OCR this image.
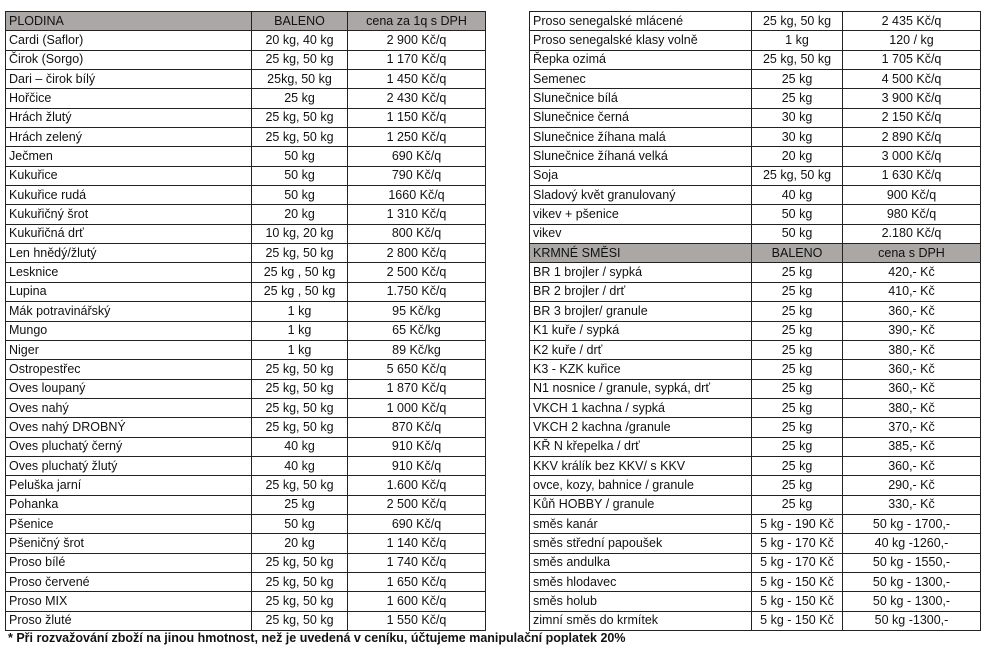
PLODINA	BALENO	cena za 1q s DPH
Cardi (Saflor)	20 kg, 40 kg	2 900 Kč/q
Čirok (Sorgo)	25 kg, 50 kg	1 170 Kč/q
Dari – čirok bílý	25kg, 50 kg	1 450 Kč/q
Hořčice	25 kg	2 430 Kč/q
Hrách žlutý	25 kg, 50 kg	1 150 Kč/q
Hrách zelený	25 kg, 50 kg	1 250 Kč/q
Ječmen	50 kg	690 Kč/q
Kukuřice	50 kg	790 Kč/q
Kukuřice rudá	50 kg	1660 Kč/q
Kukuřičný šrot	20 kg	1 310 Kč/q
Kukuřičná drť	10 kg, 20 kg	800 Kč/q
Len hnědý/žlutý	25 kg, 50 kg	2 800 Kč/q
Lesknice	25 kg , 50 kg	2 500 Kč/q
Lupina	25 kg , 50 kg	1.750 Kč/q
Mák potravinářský	1 kg	95 Kč/kg
Mungo	1 kg	65 Kč/kg
Niger	1 kg	89 Kč/kg
Ostropestřec	25 kg, 50 kg	5 650 Kč/q
Oves loupaný	25 kg, 50 kg	1 870 Kč/q
Oves nahý	25 kg, 50 kg	1 000 Kč/q
Oves nahý DROBNÝ	25 kg, 50 kg	870 Kč/q
Oves pluchatý černý	40 kg	910 Kč/q
Oves pluchatý žlutý	40 kg	910 Kč/q
Peluška jarní	25 kg, 50 kg	1.600 Kč/q
Pohanka	25 kg	2 500 Kč/q
Pšenice	50 kg	690 Kč/q
Pšeničný šrot	20 kg	1 140 Kč/q
Proso bílé	25 kg, 50 kg	1 740 Kč/q
Proso červené	25 kg, 50 kg	1 650 Kč/q
Proso MIX	25 kg, 50 kg	1 600 Kč/q
Proso žluté	25 kg, 50 kg	1 550 Kč/q
Proso senegalské mlácené	25 kg, 50 kg	2 435 Kč/q
Proso senegalské klasy volně	1 kg	120 / kg
Řepka ozimá	25 kg, 50 kg	1 705 Kč/q
Semenec	25 kg	4 500 Kč/q
Slunečnice bílá	25 kg	3 900 Kč/q
Slunečnice černá	30 kg	2 150 Kč/q
Slunečnice žíhana malá	30 kg	2 890 Kč/q
Slunečnice žíhaná velká	20 kg	3 000 Kč/q
Soja	25 kg, 50 kg	1 630 Kč/q
Sladový květ granulovaný	40 kg	900 Kč/q
vikev + pšenice	50 kg	980 Kč/q
vikev	50 kg	2.180 Kč/q
KRMNÉ SMĚSI	BALENO	cena s DPH
BR 1 brojler / sypká	25 kg	420,- Kč
BR 2 brojler / drť	25 kg	410,- Kč
BR 3 brojler/ granule	25 kg	360,- Kč
K1 kuře / sypká	25 kg	390,- Kč
K2 kuře / drť	25 kg	380,- Kč
K3 - KZK kuřice	25 kg	360,- Kč
N1 nosnice / granule, sypká, drť	25 kg	360,- Kč
VKCH 1 kachna / sypká	25 kg	380,- Kč
VKCH 2 kachna /granule	25 kg	370,- Kč
KŘ N křepelka / drť	25 kg	385,- Kč
KKV králík bez KKV/ s KKV	25 kg	360,- Kč
ovce, kozy, bahnice / granule	25 kg	290,- Kč
Kůň HOBBY / granule	25 kg	330,- Kč
směs kanár	5 kg - 190 Kč	50 kg - 1700,-
směs střední papoušek	5 kg - 170 Kč	40 kg -1260,-
směs andulka	5 kg - 170 Kč	50 kg - 1550,-
směs hlodavec	5 kg - 150 Kč	50 kg - 1300,-
směs holub	5 kg - 150 Kč	50 kg - 1300,-
zimní směs do krmítek	5 kg - 150 Kč	50 kg -1300,-
* Při rozvažování zboží na jinou hmotnost, než je uvedená v ceníku, účtujeme manipulační poplatek 20%
